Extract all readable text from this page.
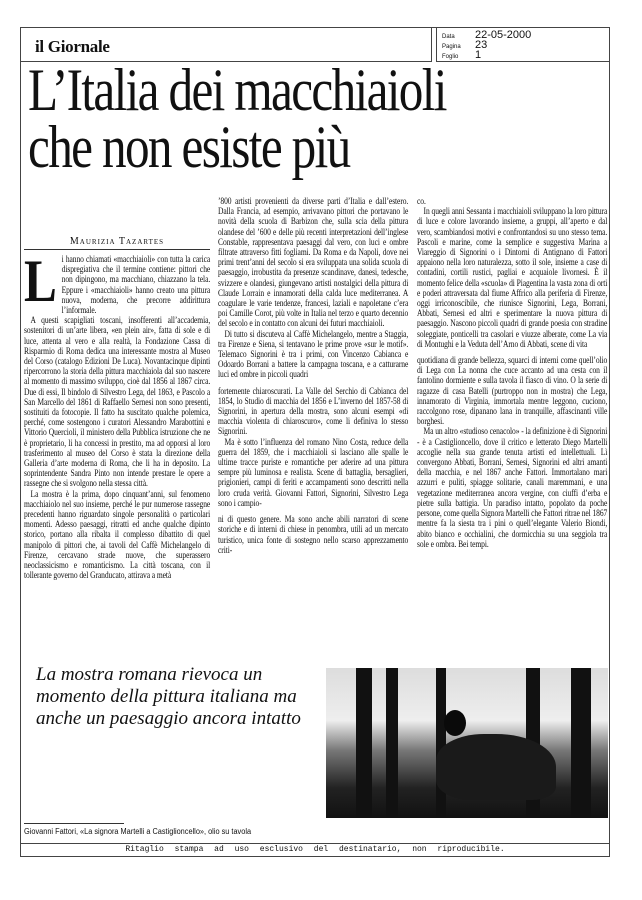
il Giornale	Data 22-05-2000
Pagina 23
Foglio 1
L’Italia dei macchiaioli
che non esiste più
Maurizia Tazartes

Li hanno chiamati «macchiaioli» con tutta la carica dispregiativa che il termine contiene: pittori che non dipingono, ma macchiano, chiazzano la tela. Eppure i «macchiaioli» hanno creato una pittura nuova, moderna, che precorre addirittura l’informale.

A questi scapigliati toscani, insofferenti all’accademia, sostenitori di un’arte libera, «en plein air», fatta di sole e di luce, attenta al vero e alla realtà, la Fondazione Cassa di Risparmio di Roma dedica una interessante mostra al Museo del Corso (catalogo Edizioni De Luca). Novantacinque dipinti ripercorrono la storia della pittura macchiaiola dal suo nascere al momento di massimo sviluppo, cioè dal 1856 al 1867 circa. Due di essi, Il bindolo di Silvestro Lega, del 1863, e Pascolo a San Marcello del 1861 di Raffaello Sernesi non sono presenti, sostituiti da fotocopie. Il fatto ha suscitato qualche polemica, perché, come sostengono i curatori Alessandro Marabottini e Vittorio Quercioli, il ministero della Pubblica istruzione che ne è proprietario, li ha concessi in prestito, ma ad opporsi al loro trasferimento al museo del Corso è stata la direzione della Galleria d’arte moderna di Roma, che li ha in deposito. La soprintendente Sandra Pinto non intende prestare le opere a rassegne che si svolgono nella stessa città.

La mostra è la prima, dopo cinquant’anni, sul fenomeno macchiaiolo nel suo insieme, perché le pur numerose rassegne precedenti hanno riguardato singole personalità o particolari momenti. Adesso paesaggi, ritratti ed anche qualche dipinto storico, portano alla ribalta il complesso dibattito di quel manipolo di pittori che, ai tavoli del Caffè Michelangelo di Firenze, cercavano strade nuove, che superassero neoclassicismo e romanticismo. La città toscana, con il tollerante governo del Granducato, attirava a metà

’800 artisti provenienti da diverse parti d’Italia e dall’estero. Dalla Francia, ad esempio, arrivavano pittori che portavano le novità della scuola di Barbizon che, sulla scia della pittura olandese del ’600 e delle più recenti interpretazioni dell’inglese Constable, rappresentava paesaggi dal vero, con luci e ombre filtrate attraverso fitti fogliami. Da Roma e da Napoli, dove nei primi trent’anni del secolo si era sviluppata una solida scuola di paesaggio, irrobustita da presenze scandinave, danesi, tedesche, svizzere e olandesi, giungevano artisti nostalgici della pittura di Claude Lorrain e innamorati della calda luce mediterranea. A coagulare le varie tendenze, francesi, laziali e napoletane c’era poi Camille Corot, più volte in Italia nel terzo e quarto decennio del secolo e in contatto con alcuni dei futuri macchiaioli.

Di tutto si discuteva al Caffè Michelangelo, mentre a Staggia, tra Firenze e Siena, si tentavano le prime prove «sur le motif». Telemaco Signorini è tra i primi, con Vincenzo Cabianca e Odoardo Borrani a battere la campagna toscana, e a catturarne luci ed ombre in piccoli quadri

fortemente chiaroscurati. La Valle del Serchio di Cabianca del 1854, lo Studio di macchia del 1856 e L’inverno del 1857-58 di Signorini, in apertura della mostra, sono alcuni esempi «di macchia violenta di chiaroscuro», come li definiva lo stesso Signorini.

Ma è sotto l’influenza del romano Nino Costa, reduce della guerra del 1859, che i macchiaioli si lasciano alle spalle le ultime tracce puriste e romantiche per aderire ad una pittura sempre più luminosa e realista. Scene di battaglia, bersaglieri, prigionieri, campi di feriti e accampamenti sono descritti nella loro cruda verità. Giovanni Fattori, Signorini, Silvestro Lega sono i campio-

ni di questo genere. Ma sono anche abili narratori di scene storiche e di interni di chiese in penombra, utili ad un mercato turistico, unica fonte di sostegno nello scarso apprezzamento criti-

co.

In quegli anni Sessanta i macchiaioli sviluppano la loro pittura di luce e colore lavorando insieme, a gruppi, all’aperto e dal vero, scambiandosi motivi e confrontandosi su uno stesso tema. Pascoli e marine, come la semplice e suggestiva Marina a Viareggio di Signorini o i Dintorni di Antignano di Fattori appaiono nella loro naturalezza, sotto il sole, insieme a case di contadini, cortili rustici, pagliai e acquaiole livornesi. È il momento felice della «scuola» di Piagentina la vasta zona di orti e poderi attraversata dal fiume Affrico alla periferia di Firenze, oggi irriconoscibile, che riunisce Signorini, Lega, Borrani, Abbati, Sernesi ed altri e sperimentare la nuova pittura di paesaggio. Nascono piccoli quadri di grande poesia con stradine soleggiate, ponticelli tra casolari e viuzze alberate, come La via di Montughi e la Veduta dell’Arno di Abbati, scene di vita

quotidiana di grande bellezza, squarci di interni come quell’olio di Lega con La nonna che cuce accanto ad una cesta con il fantolino dormiente e sulla tavola il fiasco di vino. O la serie di ragazze di casa Batelli (purtroppo non in mostra) che Lega, innamorato di Virginia, immortala mentre leggono, cuciono, raccolgono rose, dipanano lana in tranquille, affascinanti ville borghesi.

Ma un altro «studioso cenacolo» - la definizione è di Signorini - è a Castiglioncello, dove il critico e letterato Diego Martelli accoglie nella sua grande tenuta artisti ed intellettuali. Lì convergono Abbati, Borrani, Sernesi, Signorini ed altri amanti della macchia, e nel 1867 anche Fattori. Immortalano mari azzurri e puliti, spiagge solitarie, canali maremmani, e una vegetazione mediterranea ancora vergine, con ciuffi d’erba e pietre sulla battigia. Un paradiso intatto, popolato da poche persone, come quella Signora Martelli che Fattori ritrae nel 1867 mentre fa la siesta tra i pini o quell’elegante Valerio Biondi, abito bianco e occhialini, che dormicchia su una seggiola tra sole e ombra. Bei tempi.

La mostra romana rievoca un momento della pittura italiana ma anche un paesaggio ancora intatto
Giovanni Fattori, «La signora Martelli a Castiglioncello», olio su tavola
Ritaglio stampa ad uso esclusivo del destinatario, non riproducibile.
